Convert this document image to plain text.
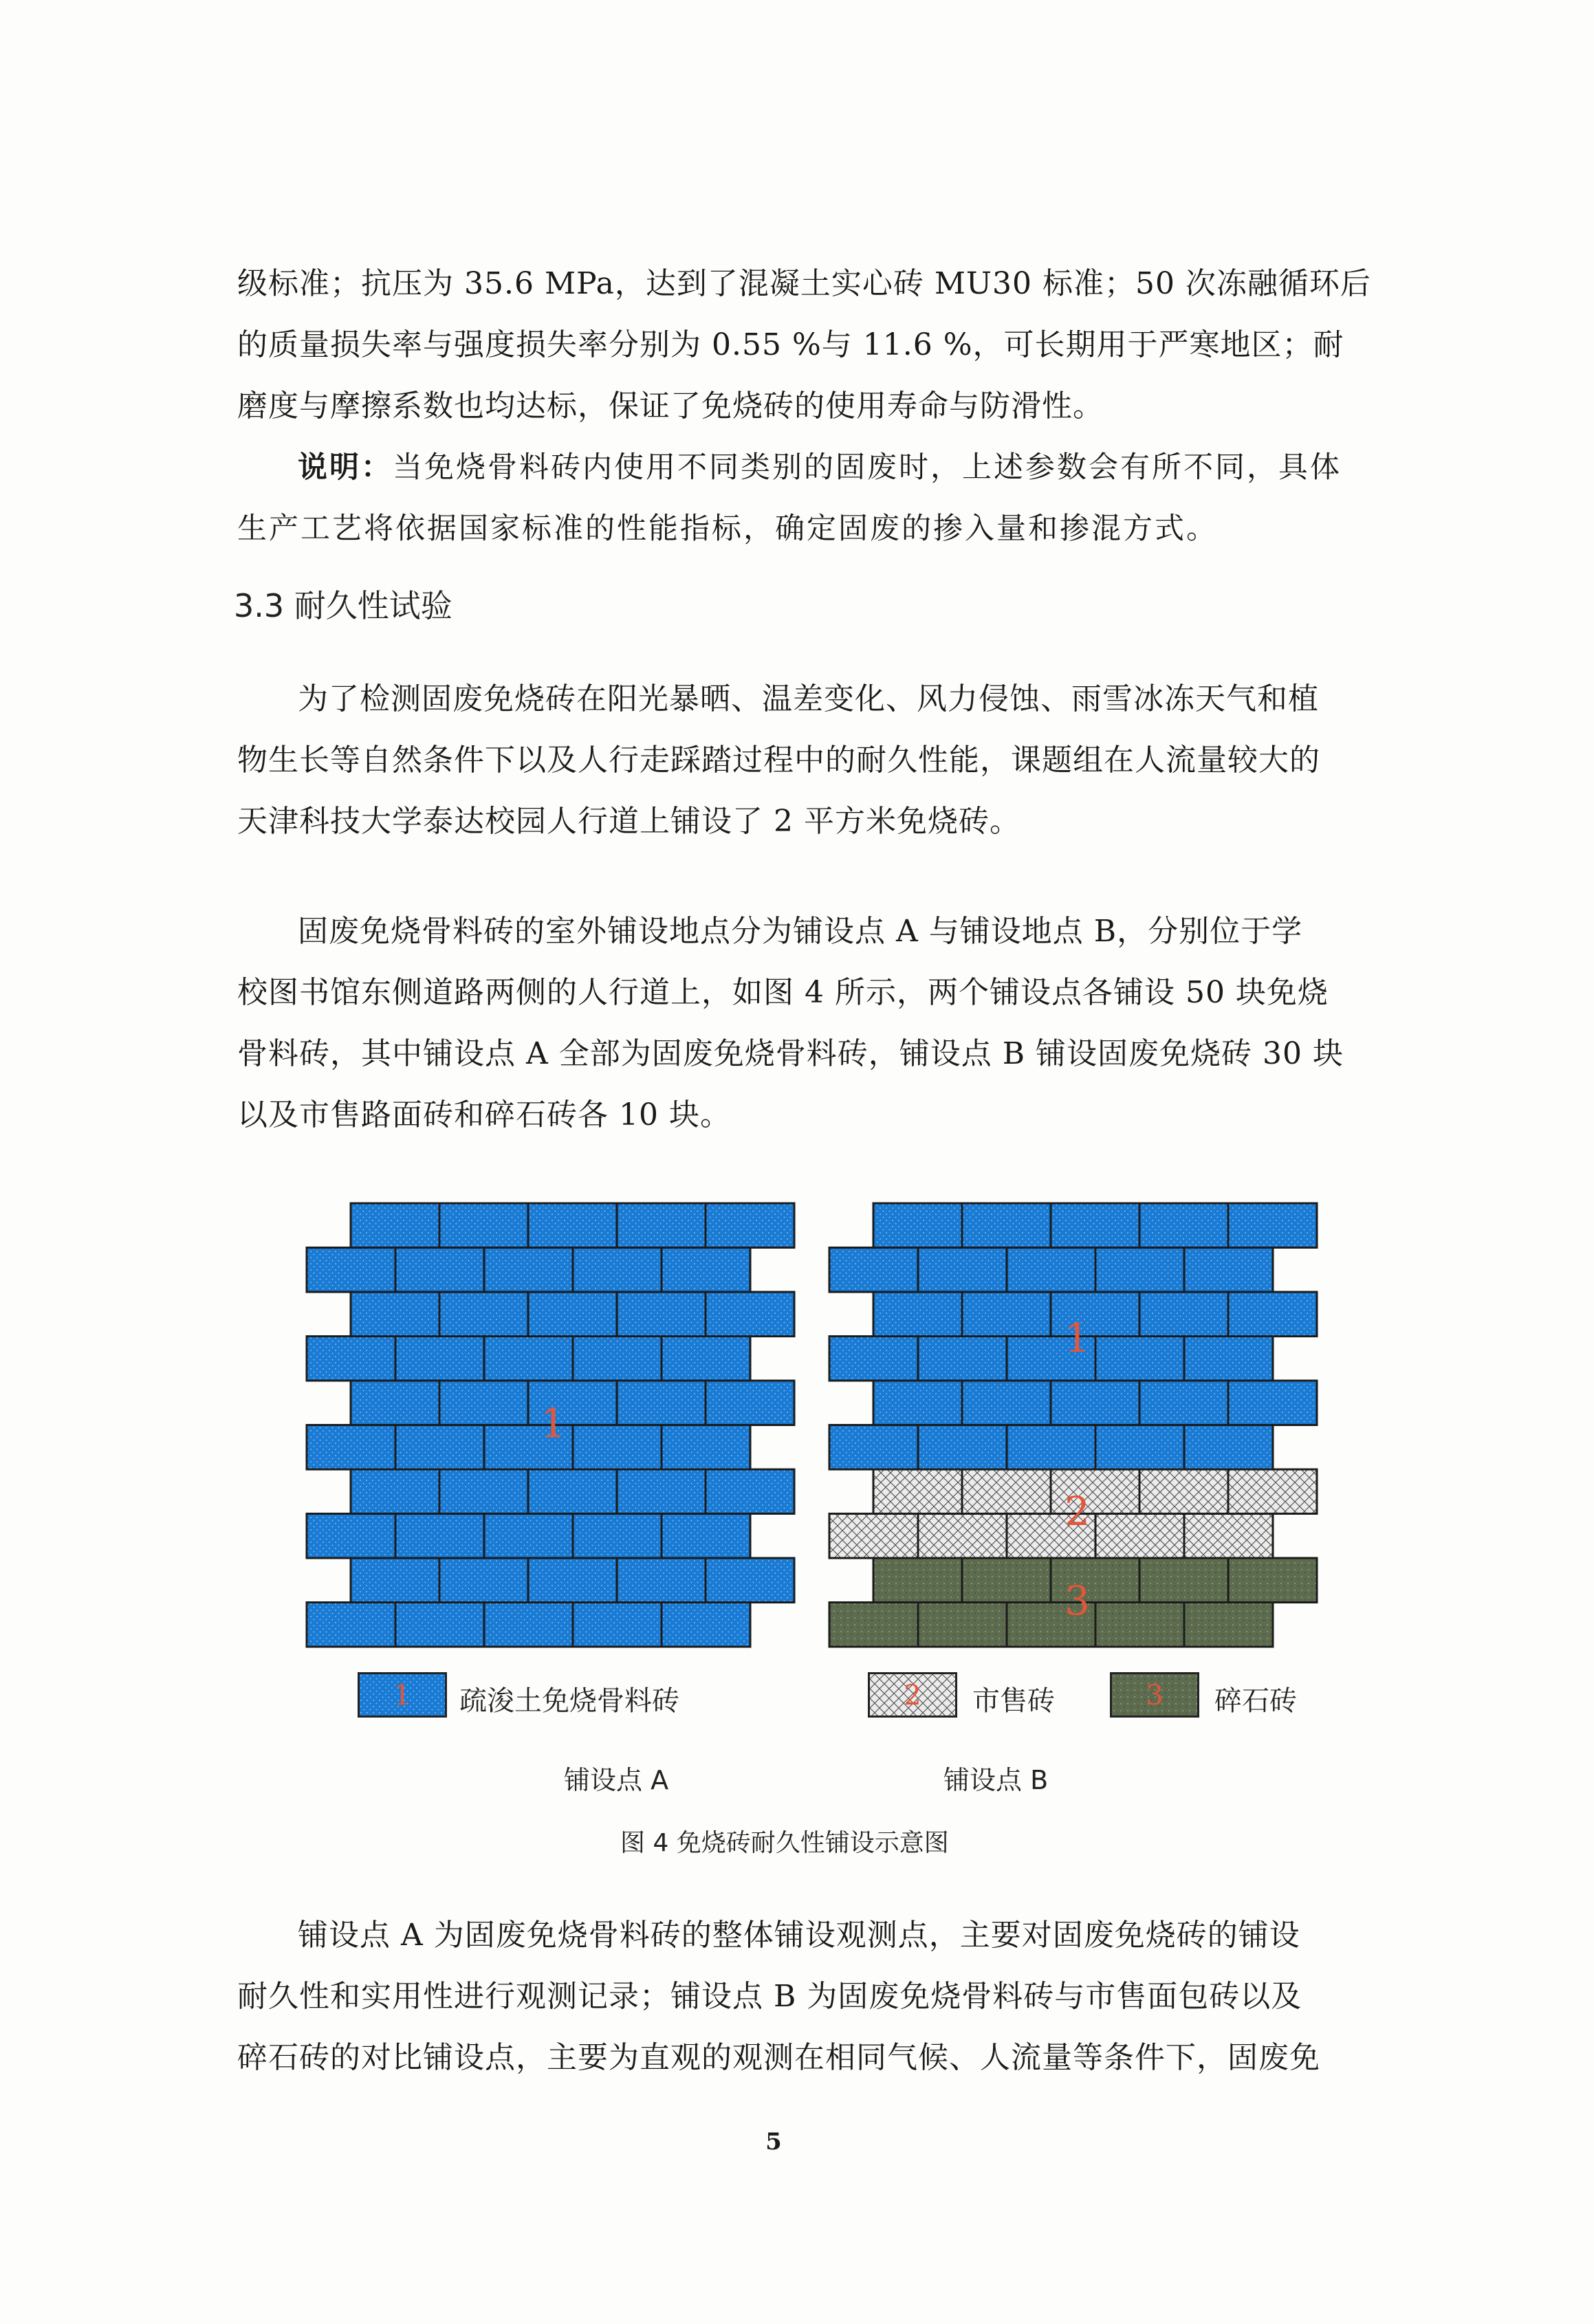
级标准；抗压为 35.6 MPa，达到了混凝土实心砖 MU30 标准；50 次冻融循环后
的质量损失率与强度损失率分别为 0.55 %与 11.6 %，可长期用于严寒地区；耐
磨度与摩擦系数也均达标，保证了免烧砖的使用寿命与防滑性。
说明：当免烧骨料砖内使用不同类别的固废时，上述参数会有所不同，具体
生产工艺将依据国家标准的性能指标，确定固废的掺入量和掺混方式。
3.3 耐久性试验
为了检测固废免烧砖在阳光暴晒、温差变化、风力侵蚀、雨雪冰冻天气和植
物生长等自然条件下以及人行走踩踏过程中的耐久性能，课题组在人流量较大的
天津科技大学泰达校园人行道上铺设了 2 平方米免烧砖。
固废免烧骨料砖的室外铺设地点分为铺设点 A 与铺设地点 B，分别位于学
校图书馆东侧道路两侧的人行道上，如图 4 所示，两个铺设点各铺设 50 块免烧
骨料砖，其中铺设点 A 全部为固废免烧骨料砖，铺设点 B 铺设固废免烧砖 30 块
以及市售路面砖和碎石砖各 10 块。
1
1
2
3
1	疏浚土免烧骨料砖	2	市售砖	3	碎石砖
铺设点 A	铺设点 B
图 4 免烧砖耐久性铺设示意图
铺设点 A 为固废免烧骨料砖的整体铺设观测点，主要对固废免烧砖的铺设
耐久性和实用性进行观测记录；铺设点 B 为固废免烧骨料砖与市售面包砖以及
碎石砖的对比铺设点，主要为直观的观测在相同气候、人流量等条件下，固废免
5
